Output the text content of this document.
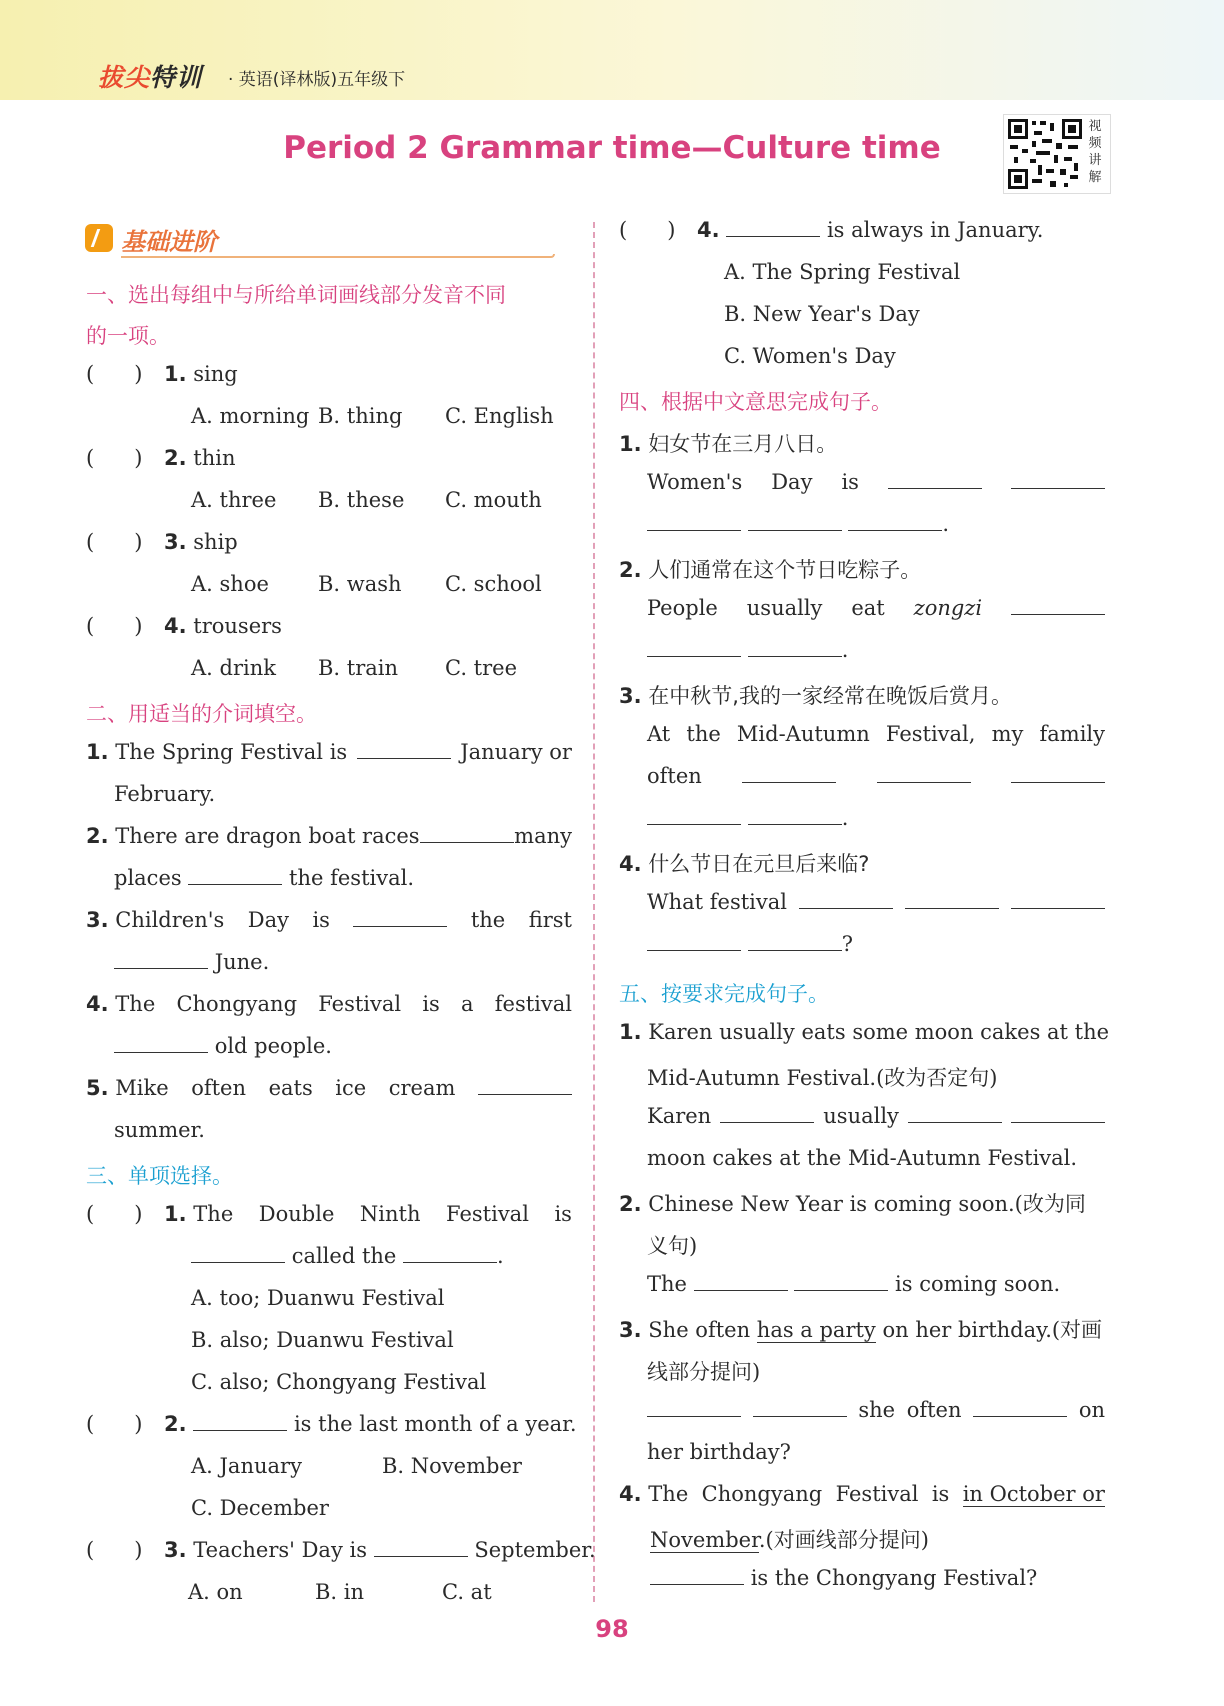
拔尖特训 · 英语(译林版)五年级下
Period 2 Grammar time—Culture time
视频讲解
基础进阶
一、选出每组中与所给单词画线部分发音不同
的一项。
(      ) 1. sing
A. morning B. thing C. English
(      ) 2. thin
A. three B. these C. mouth
(      ) 3. ship
A. shoe B. wash C. school
(      ) 4. trousers
A. drink B. train C. tree
二、用适当的介词填空。
1. The Spring Festival is	January or
February.
2. There are dragon boat races	many
places	the festival.
3. Children's Day is	the first
June.
4. The Chongyang Festival is a festival
old people.
5. Mike often eats ice cream
summer.
三、单项选择。
(      ) 1. The Double Ninth Festival is
called the	.
A. too; Duanwu Festival
B. also; Duanwu Festival
C. also; Chongyang Festival
(      ) 2.	is the last month of a year.
A. January	B. November
C. December
(      ) 3. Teachers' Day is	September.
A. on	B. in	C. at
(      ) 4.	is always in January.
A. The Spring Festival
B. New Year's Day
C. Women's Day
四、根据中文意思完成句子。
1. 妇女节在三月八日。
Women's Day is
.
2. 人们通常在这个节日吃粽子。
People usually eat zongzi
.
3. 在中秋节,我的一家经常在晚饭后赏月。
At the Mid-Autumn Festival, my family
often
.
4. 什么节日在元旦后来临?
What festival
?
五、按要求完成句子。
1. Karen usually eats some moon cakes at the
Mid-Autumn Festival.(改为否定句)
Karen	usually
moon cakes at the Mid-Autumn Festival.
2. Chinese New Year is coming soon.(改为同
义句)
The	is coming soon.
3. She often has a party on her birthday.(对画
线部分提问)
she often	on
her birthday?
4. The Chongyang Festival is in October or
November.(对画线部分提问)
is the Chongyang Festival?
98
